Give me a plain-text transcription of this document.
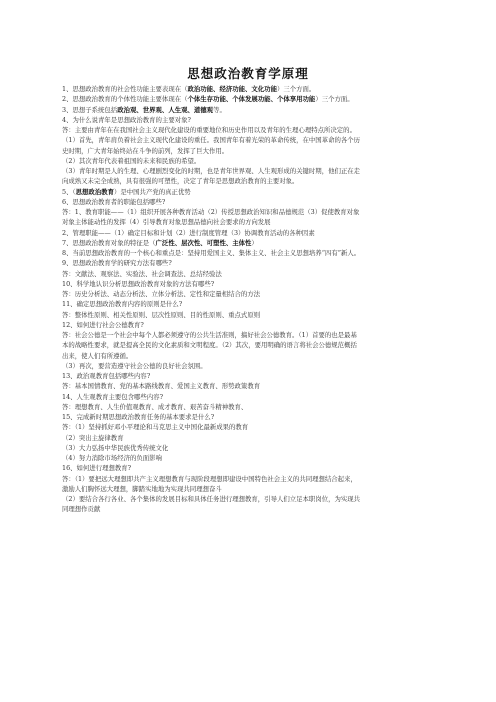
思想政治教育学原理
1、思想政治教育的社会性功能主要表现在（政治功能、经济功能、文化功能）三个方面。
2、思想政治教育的个体性功能主要体现在（个体生存功能、个体发展功能、个体享用功能）三个方面。
3、思想子系统包括政治观、世界观、人生观、道德观等。
4、为什么说青年是思想政治教育的主要对象?
答：主要由青年在在我国社会主义现代化建设的重要地位和历史作用以及青年的生理心理特点所决定的。
（1）首先，青年肩负着社会主义现代化建设的重任。我国青年有着光荣的革命传统，在中国革命的各个历
史时期，广大青年始终站在斗争的前列，发挥了巨大作用。
（2）其次青年代表着祖国的未来和民族的希望。
（3）青年时期是人的生理、心理剧烈变化的时期，也是青年世界观、人生观形成的关键时期，他们正在走
向成熟又未完全成熟，具有很强的可塑性，决定了青年是思想政治教育的主要对象。
5、（思想政治教育）是中国共产党的真正优势
6、思想政治教育者的职能包括哪些?
答：1、教育职能——（1）组织开展各种教育活动（2）传授思想政治知识和品德规范（3）促使教育对象
对象主体能动性的发挥（4）引导教育对象思想品德向社会要求的方向发展
2、管理职能——（1）确定目标和计划（2）进行制度管理（3）协调教育活动的各种因素
7、思想政治教育对象的特征是（广泛性、层次性、可塑性、主体性）
8、当前思想政治教育的一个核心和重点是：坚持用爱国主义、集体主义、社会主义思想培养“四有”新人。
9、思想政治教育学的研究方法有哪些?
答：文献法、观察法、实验法、社会调查法、总结经验法
10、科学地认识分析思想政治教育对象的方法有哪些?
答：历史分析法、动态分析法、立体分析法、定性和定量相结合的方法
11、确定思想政治教育内容的原则是什么?
答：整体性原则、相关性原则、层次性原则、目的性原则、重点式原则
12、如何进行社会公德教育?
答：社会公德是一个社会中每个人都必须遵守的公共生活准则，搞好社会公德教育。（1）首要的也是最基
本的战略性要求，就是提高全民的文化素质和文明程度。（2）其次，要用明确的语言将社会公德规范概括
出来，使人们有所遵循。
（3）再次，要营造遵守社会公德的良好社会氛围。
13、政治观教育包括哪些内容?
答：基本国情教育、党的基本路线教育、爱国主义教育、形势政策教育
14、人生观教育主要包含哪些内容?
答：理想教育、人生价值观教育、成才教育、艰苦奋斗精神教育、
15、完成新时期思想政治教育任务的基本要求是什么?
答：（1）坚持抓好邓小平理论和马克思主义中国化最新成果的教育
（2）突出主旋律教育
（3）大力弘扬中华民族优秀传统文化
（4）努力消除市场经济的负面影响
16、如何进行理想教育?
答：（1）要把远大理想即共产主义理想教育与现阶段理想即建设中国特色社会主义的共同理想结合起来，
激励人们胸怀远大理想，脚踏实地地为实现共同理想奋斗
（2）要结合各行各业、各个集体的发展目标和具体任务进行理想教育，引导人们立足本职岗位，为实现共
同理想作贡献
